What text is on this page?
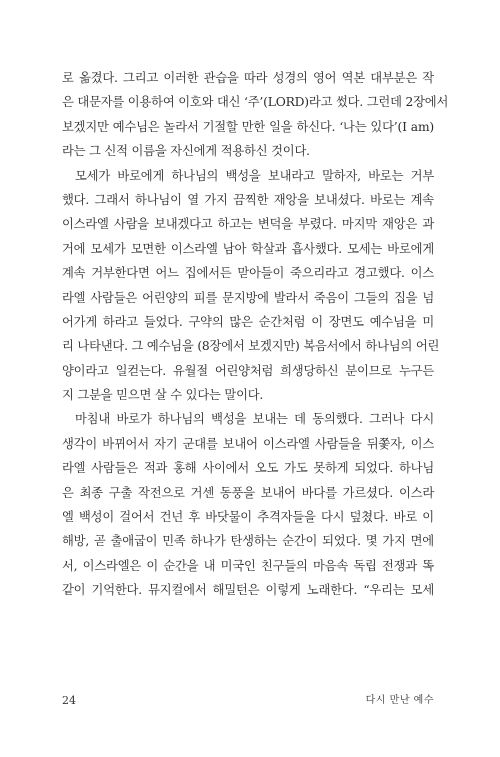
로 옮겼다. 그리고 이러한 관습을 따라 성경의 영어 역본 대부분은 작
은 대문자를 이용하여 이호와 대신 ‘주’(LORD)라고 썼다. 그런데 2장에서
보겠지만 예수님은 놀라서 기절할 만한 일을 하신다. ‘나는 있다’(I am)
라는 그 신적 이름을 자신에게 적용하신 것이다.
모세가 바로에게 하나님의 백성을 보내라고 말하자, 바로는 거부
했다. 그래서 하나님이 열 가지 끔찍한 재앙을 보내셨다. 바로는 계속
이스라엘 사람을 보내겠다고 하고는 변덕을 부렸다. 마지막 재앙은 과
거에 모세가 모면한 이스라엘 남아 학살과 흡사했다. 모세는 바로에게
계속 거부한다면 어느 집에서든 맏아들이 죽으리라고 경고했다. 이스
라엘 사람들은 어린양의 피를 문지방에 발라서 죽음이 그들의 집을 넘
어가게 하라고 들었다. 구약의 많은 순간처럼 이 장면도 예수님을 미
리 나타낸다. 그 예수님을 (8장에서 보겠지만) 복음서에서 하나님의 어린
양이라고 일컫는다. 유월절 어린양처럼 희생당하신 분이므로 누구든
지 그분을 믿으면 살 수 있다는 말이다.
마침내 바로가 하나님의 백성을 보내는 데 동의했다. 그러나 다시
생각이 바뀌어서 자기 군대를 보내어 이스라엘 사람들을 뒤쫓자, 이스
라엘 사람들은 적과 홍해 사이에서 오도 가도 못하게 되었다. 하나님
은 최종 구출 작전으로 거센 동풍을 보내어 바다를 가르셨다. 이스라
엘 백성이 걸어서 건넌 후 바닷물이 추격자들을 다시 덮쳤다. 바로 이
해방, 곧 출애굽이 민족 하나가 탄생하는 순간이 되었다. 몇 가지 면에
서, 이스라엘은 이 순간을 내 미국인 친구들의 마음속 독립 전쟁과 똑
같이 기억한다. 뮤지컬에서 해밀턴은 이렇게 노래한다. “우리는 모세
24	다시 만난 예수
